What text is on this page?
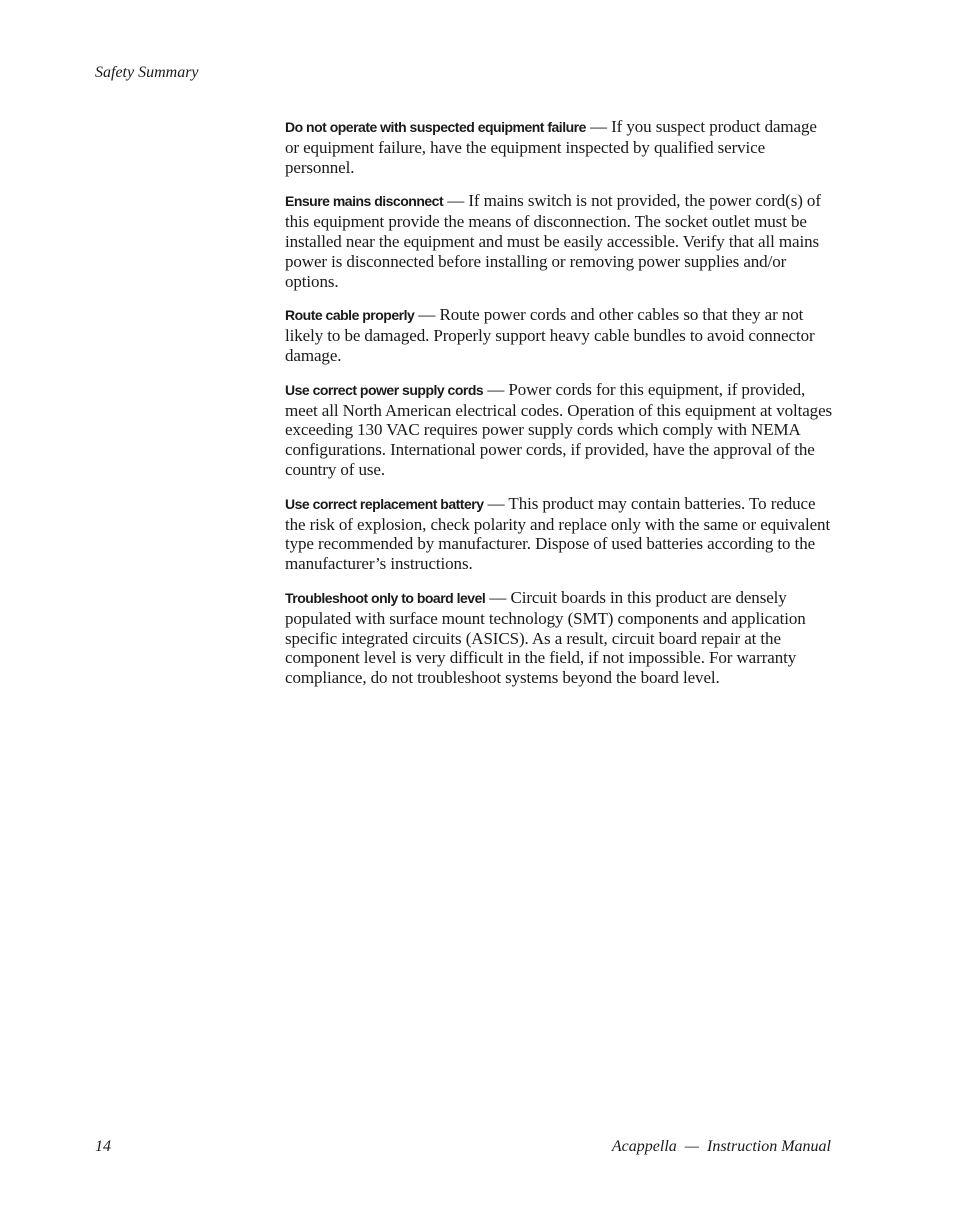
Safety Summary

Do not operate with suspected equipment failure — If you suspect product damage or equipment failure, have the equipment inspected by qualified service personnel.

Ensure mains disconnect — If mains switch is not provided, the power cord(s) of this equipment provide the means of disconnection. The socket outlet must be installed near the equipment and must be easily accessible. Verify that all mains power is disconnected before installing or removing power supplies and/or options.

Route cable properly — Route power cords and other cables so that they ar not likely to be damaged. Properly support heavy cable bundles to avoid connector damage.

Use correct power supply cords — Power cords for this equipment, if provided, meet all North American electrical codes. Operation of this equipment at voltages exceeding 130 VAC requires power supply cords which comply with NEMA configurations. International power cords, if provided, have the approval of the country of use.

Use correct replacement battery — This product may contain batteries. To reduce the risk of explosion, check polarity and replace only with the same or equivalent type recommended by manufacturer. Dispose of used batteries according to the manufacturer’s instructions.

Troubleshoot only to board level — Circuit boards in this product are densely populated with surface mount technology (SMT) components and application specific integrated circuits (ASICS). As a result, circuit board repair at the component level is very difficult in the field, if not impossible. For warranty compliance, do not troubleshoot systems beyond the board level.

14	Acappella  —  Instruction Manual
